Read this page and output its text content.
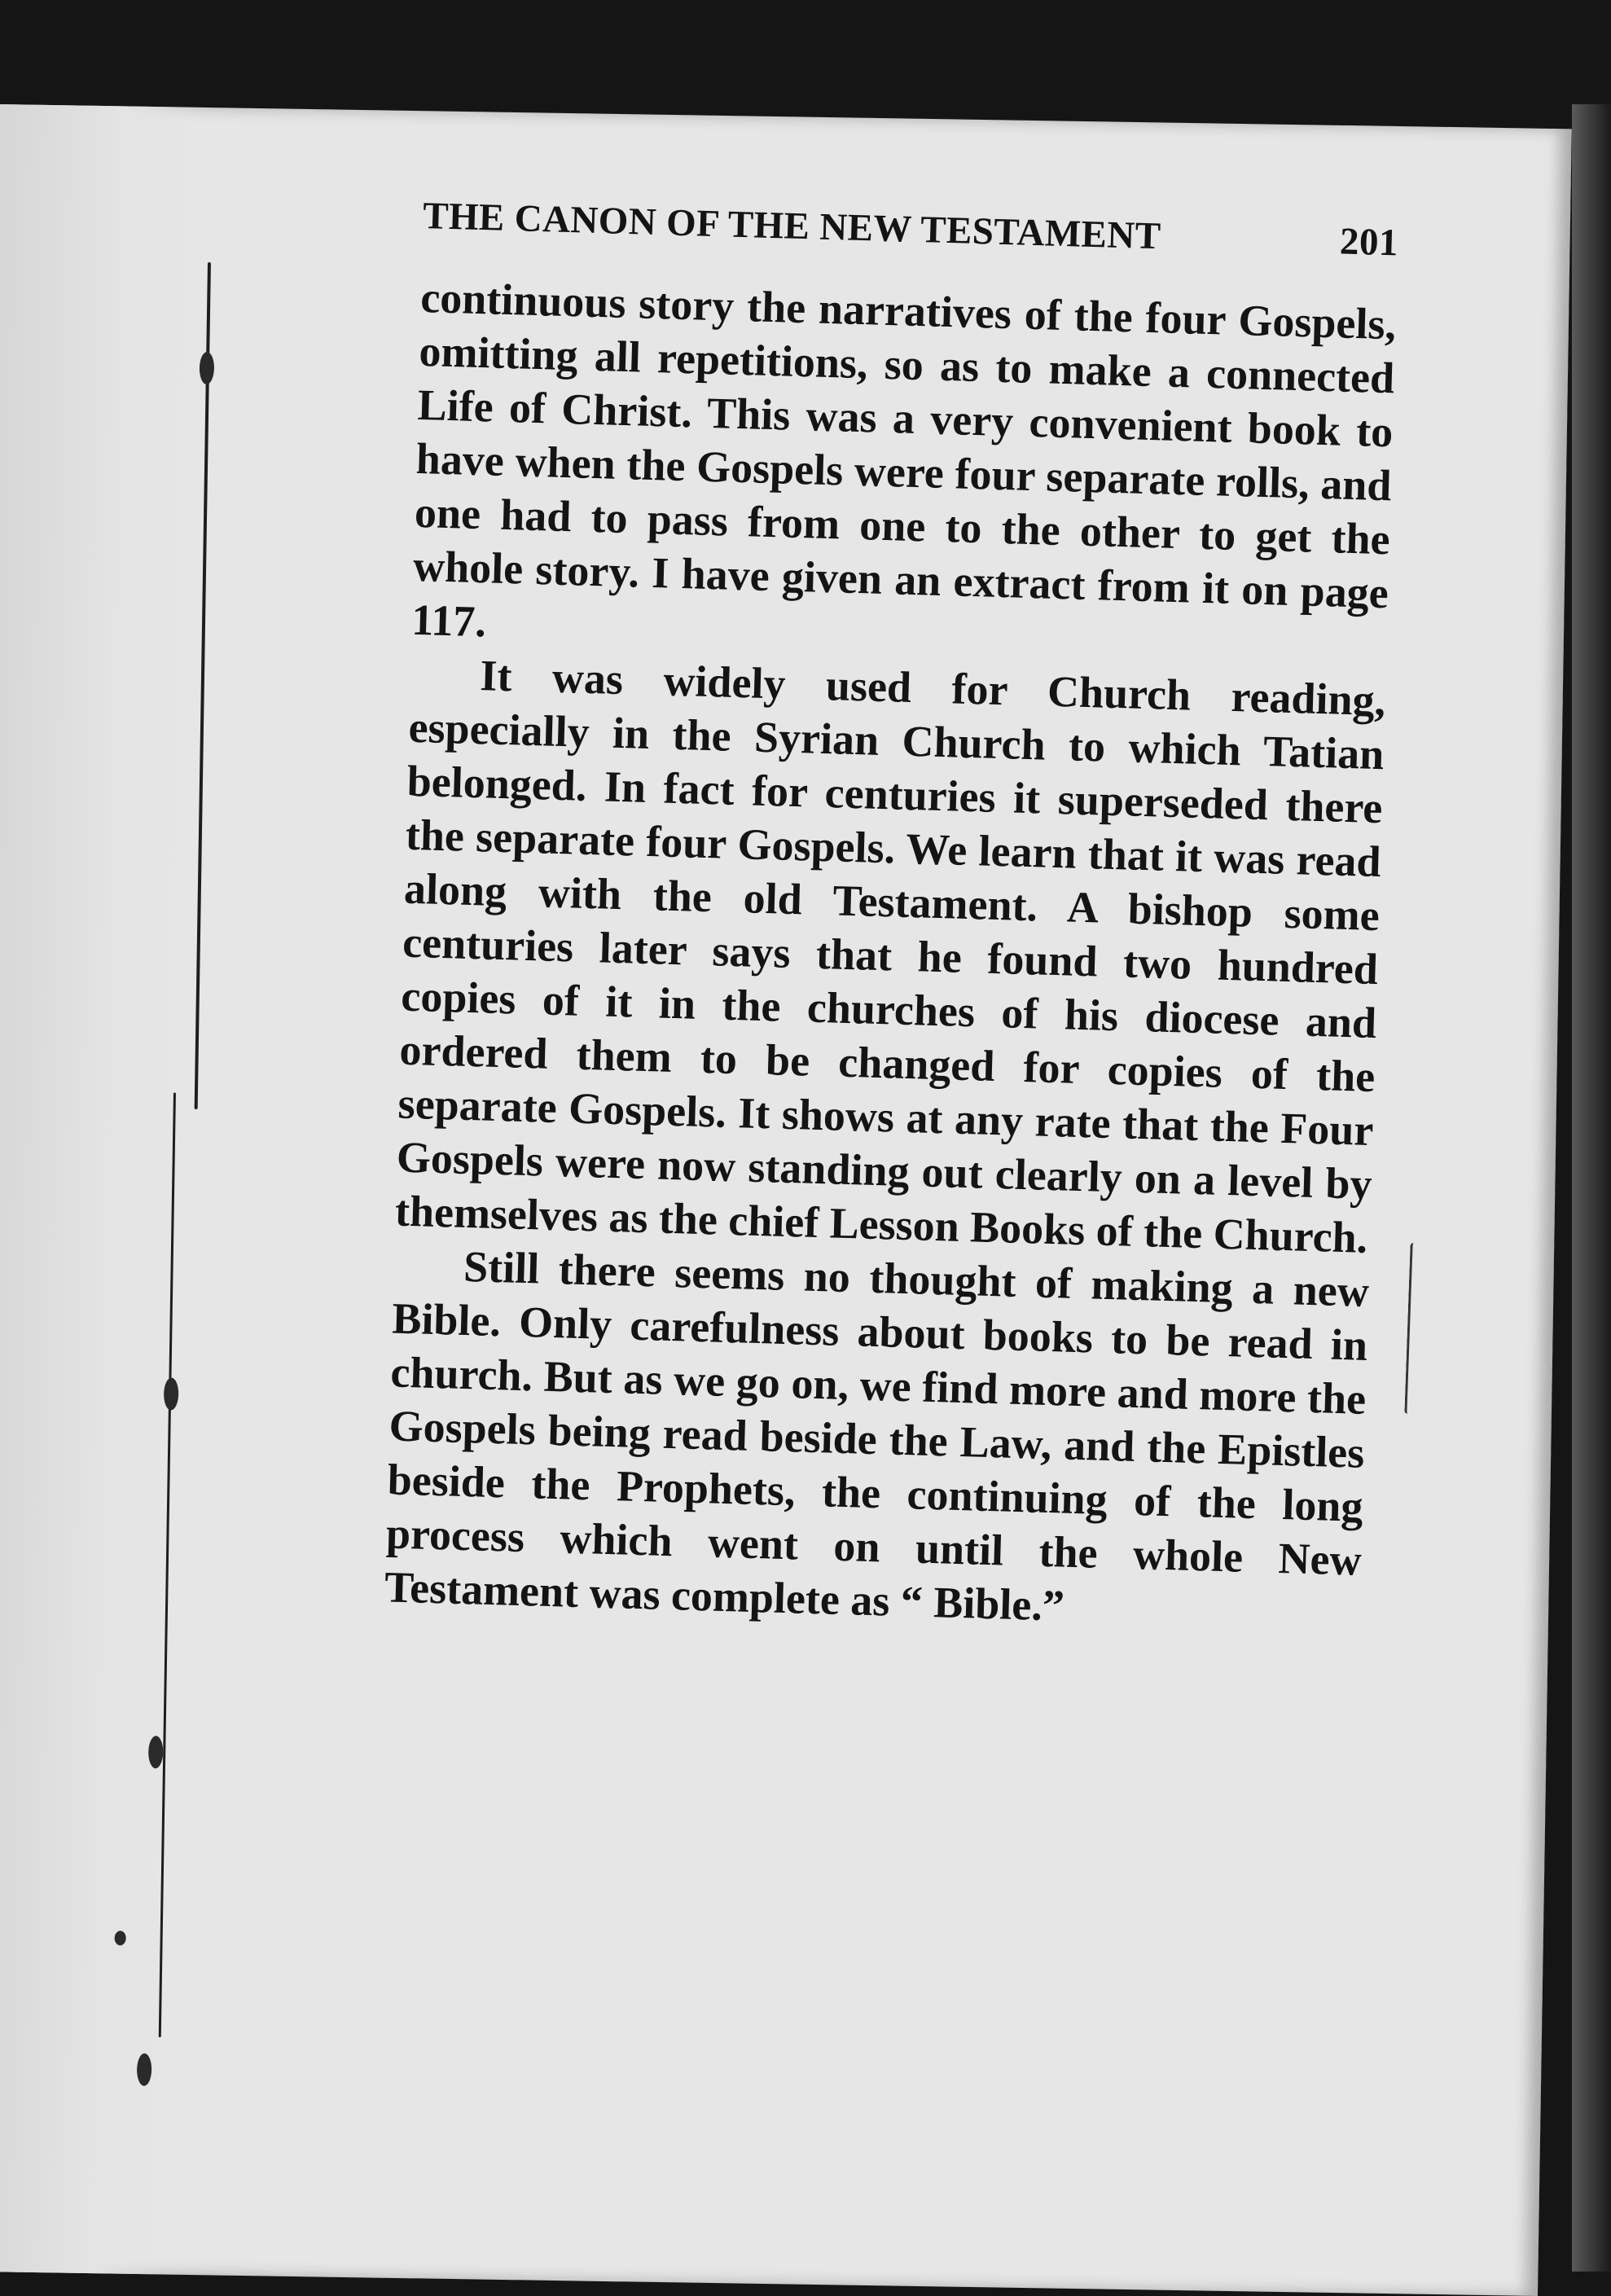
THE CANON OF THE NEW TESTAMENT	201

continuous story the narratives of the four Gospels, omitting all repetitions, so as to make a connected Life of Christ. This was a very convenient book to have when the Gospels were four separate rolls, and one had to pass from one to the other to get the whole story. I have given an extract from it on page 117.

It was widely used for Church reading, especially in the Syrian Church to which Tatian belonged. In fact for centuries it superseded there the separate four Gospels. We learn that it was read along with the old Testament. A bishop some centuries later says that he found two hundred copies of it in the churches of his diocese and ordered them to be changed for copies of the separate Gospels. It shows at any rate that the Four Gospels were now standing out clearly on a level by themselves as the chief Lesson Books of the Church.

Still there seems no thought of making a new Bible. Only carefulness about books to be read in church. But as we go on, we find more and more the Gospels being read beside the Law, and the Epistles beside the Prophets, the continuing of the long process which went on until the whole New Testament was complete as “ Bible.”
